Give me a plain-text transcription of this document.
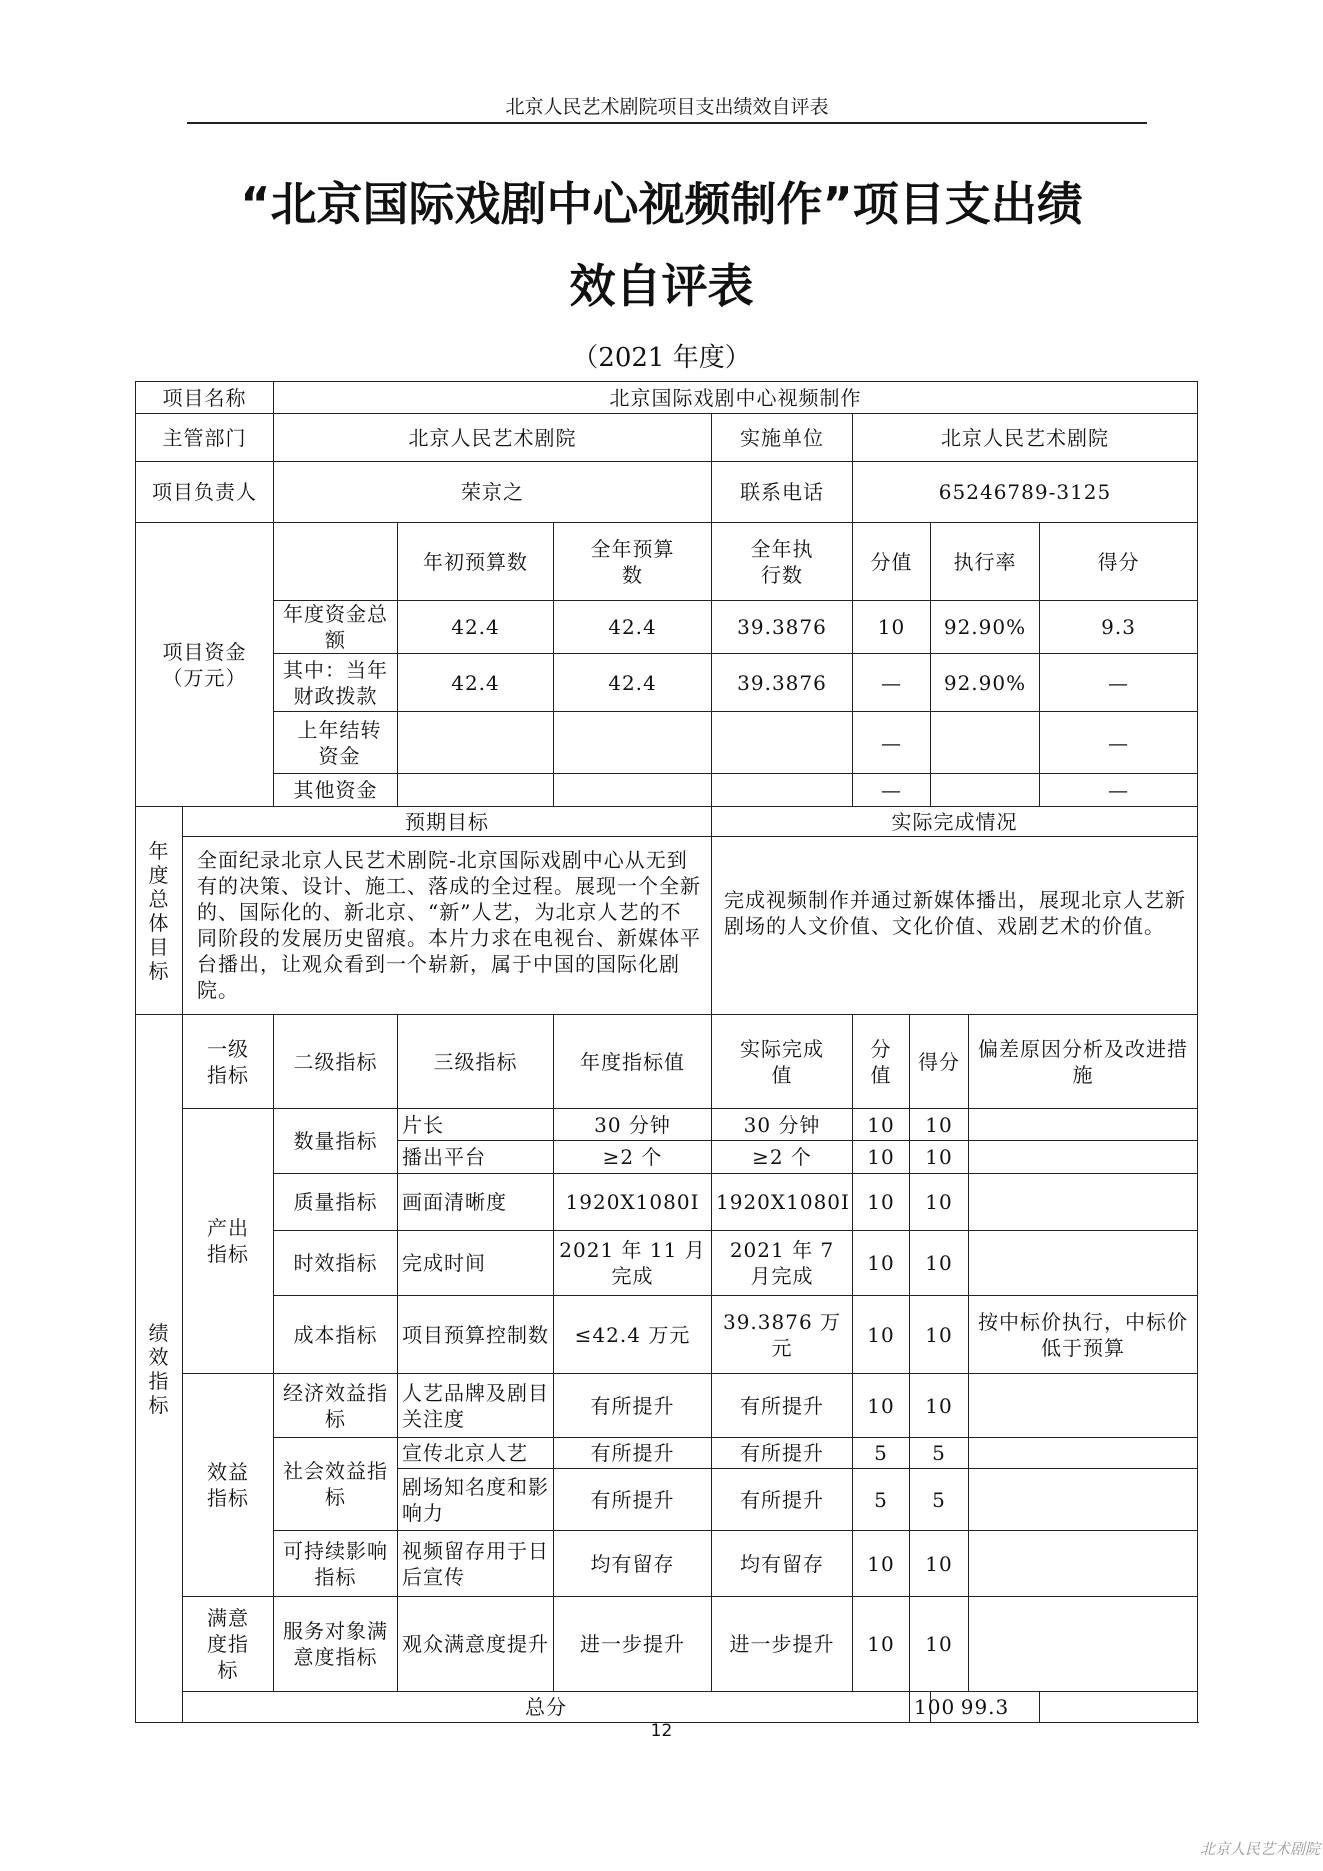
北京人民艺术剧院项目支出绩效自评表
“北京国际戏剧中心视频制作”项目支出绩
效自评表
（2021 年度）
项目名称		北京国际戏剧中心视频制作								
主管部门		北京人民艺术剧院			实施单位	北京人民艺术剧院				
项目负责人		荣京之			联系电话	65246789-3125				
项目资金（万元）			年初预算数	全年预算数	全年执行数	分值		执行率		得分
		年度资金总额	42.4	42.4	39.3876	10		92.90%		9.3
		其中：当年财政拨款	42.4	42.4	39.3876	—		92.90%		—
		上年结转资金				—				—
		其他资金				—				—
年度总体目标	预期目标				实际完成情况					
	全面纪录北京人民艺术剧院-北京国际戏剧中心从无到有的决策、设计、施工、落成的全过程。展现一个全新的、国际化的、新北京、“新”人艺，为北京人艺的不同阶段的发展历史留痕。本片力求在电视台、新媒体平台播出，让观众看到一个崭新，属于中国的国际化剧院。				完成视频制作并通过新媒体播出，展现北京人艺新剧场的人文价值、文化价值、戏剧艺术的价值。					
绩效指标	一级指标	二级指标	三级指标	年度指标值	实际完成值	分值	得分		偏差原因分析及改进措施	
	产出指标	数量指标	片长	30 分钟	30 分钟	10	10			
			播出平台	≥2 个	≥2 个	10	10			
		质量指标	画面清晰度	1920X1080I	1920X1080I	10	10			
		时效指标	完成时间	2021 年 11 月完成	2021 年 7 月完成	10	10			
		成本指标	项目预算控制数	≤42.4 万元	39.3876 万元	10	10		按中标价执行，中标价低于预算	

	效益指标	经济效益指标	人艺品牌及剧目关注度	有所提升	有所提升	10	10			
		社会效益指标	宣传北京人艺	有所提升	有所提升	5	5			
			剧场知名度和影响力	有所提升	有所提升	5	5			
		可持续影响指标	视频留存用于日后宣传	均有留存	均有留存	10	10			
	满意度指标	服务对象满意度指标	观众满意度提升	进一步提升	进一步提升	10	10			
	总分						100	99.3		
12
北京人民艺术剧院
